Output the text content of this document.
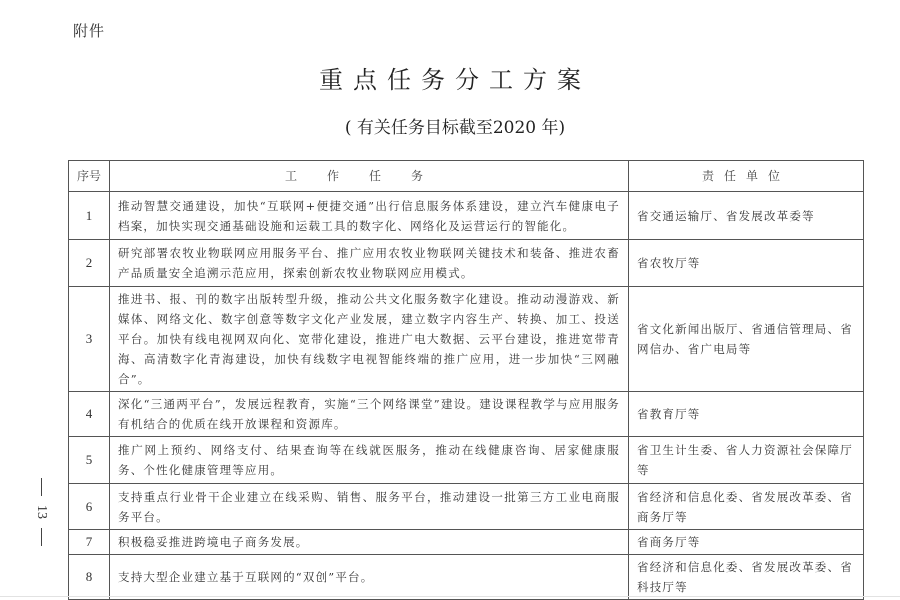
附件
重点任务分工方案
( 有关任务目标截至2020 年)
13
序号	工作任务	责任单位
1	推动智慧交通建设，加快“互联网+便捷交通”出行信息服务体系建设，建立汽车健康电子档案，加快实现交通基础设施和运载工具的数字化、网络化及运营运行的智能化。	省交通运输厅、省发展改革委等
2	研究部署农牧业物联网应用服务平台、推广应用农牧业物联网关键技术和装备、推进农畜产品质量安全追溯示范应用，探索创新农牧业物联网应用模式。	省农牧厅等
3	推进书、报、刊的数字出版转型升级，推动公共文化服务数字化建设。推动动漫游戏、新媒体、网络文化、数字创意等数字文化产业发展，建立数字内容生产、转换、加工、投送平台。加快有线电视网双向化、宽带化建设，推进广电大数据、云平台建设，推进宽带青海、高清数字化青海建设，加快有线数字电视智能终端的推广应用，进一步加快“三网融合”。	省文化新闻出版厅、省通信管理局、省网信办、省广电局等
4	深化“三通两平台”，发展远程教育，实施“三个网络课堂”建设。建设课程教学与应用服务有机结合的优质在线开放课程和资源库。	省教育厅等
5	推广网上预约、网络支付、结果查询等在线就医服务，推动在线健康咨询、居家健康服务、个性化健康管理等应用。	省卫生计生委、省人力资源社会保障厅等
6	支持重点行业骨干企业建立在线采购、销售、服务平台，推动建设一批第三方工业电商服务平台。	省经济和信息化委、省发展改革委、省商务厅等
7	积极稳妥推进跨境电子商务发展。	省商务厅等
8	支持大型企业建立基于互联网的“双创”平台。	省经济和信息化委、省发展改革委、省科技厅等
